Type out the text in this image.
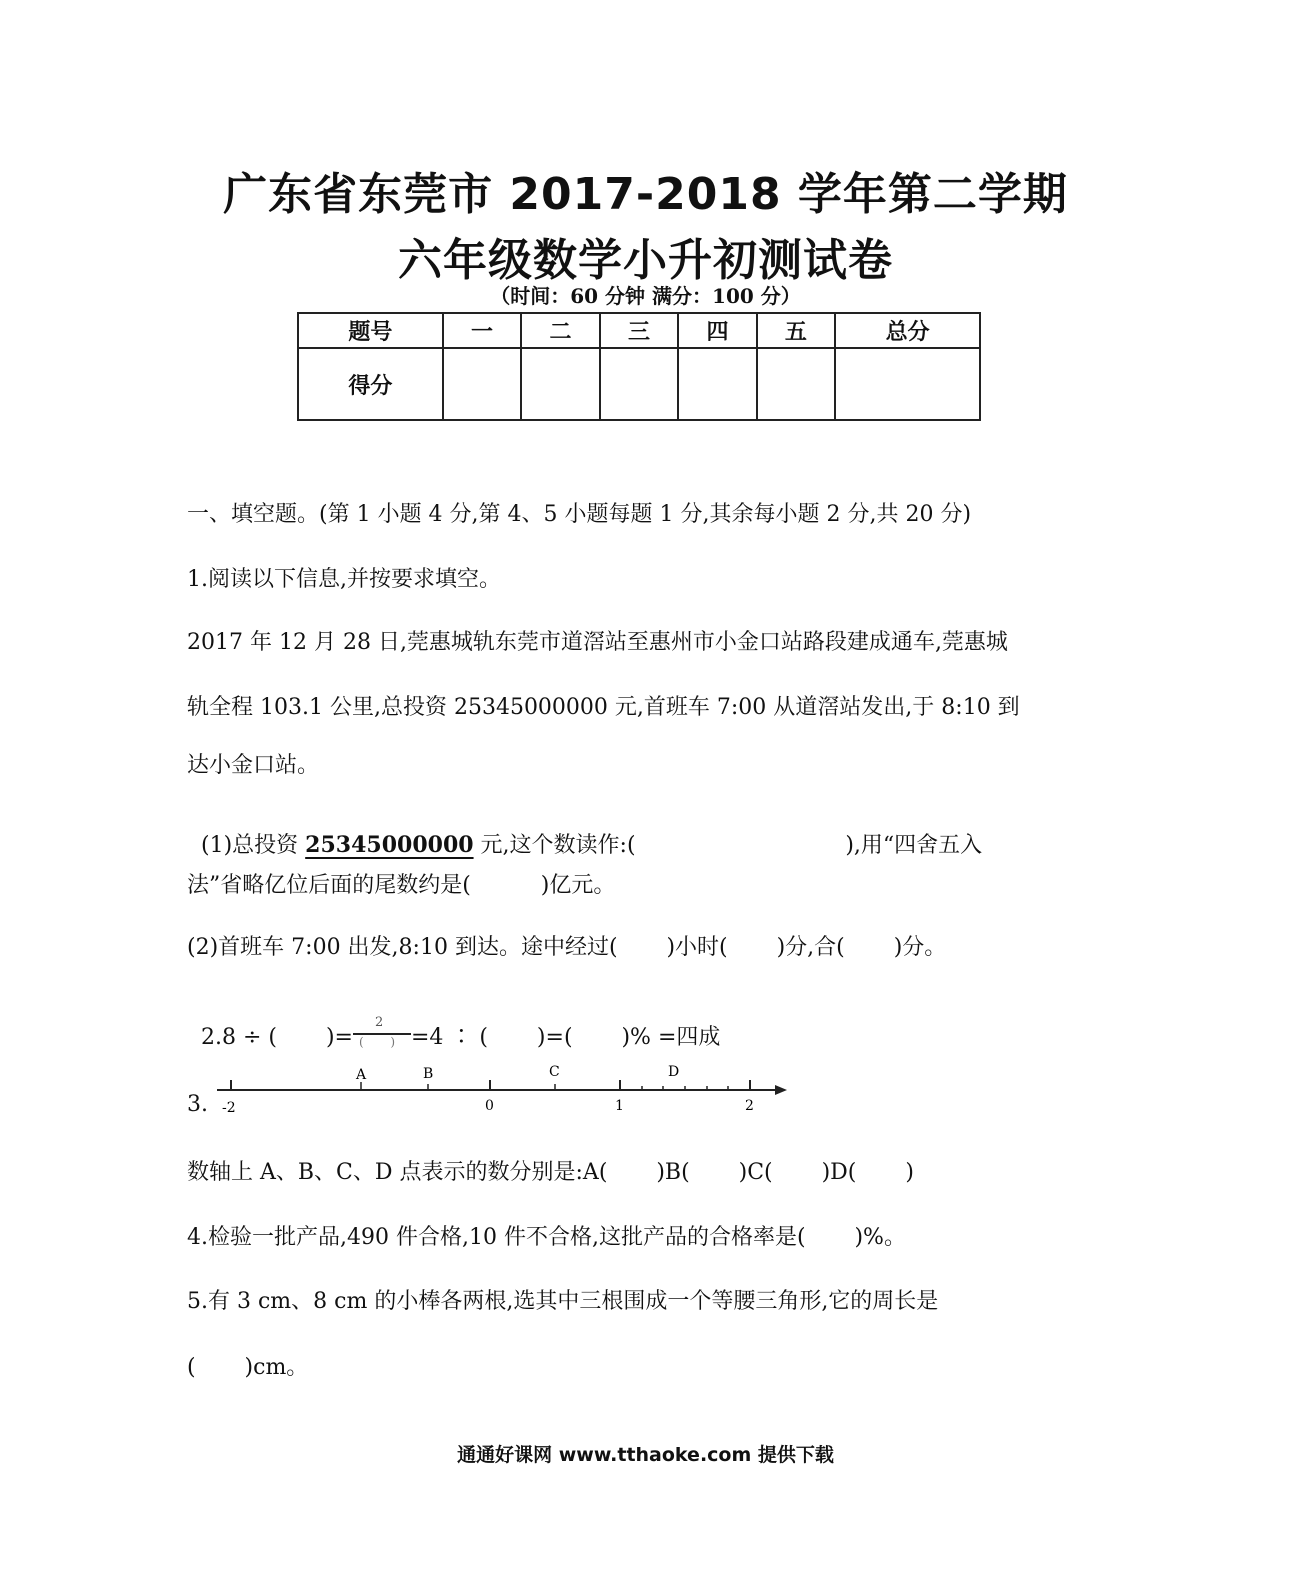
广东省东莞市 2017-2018 学年第二学期
六年级数学小升初测试卷
（时间：60 分钟 满分：100 分）
题号	一	二	三	四	五	总分
得分						
一、填空题。(第 1 小题 4 分,第 4、5 小题每题 1 分,其余每小题 2 分,共 20 分)
1.阅读以下信息,并按要求填空。
2017 年 12 月 28 日,莞惠城轨东莞市道滘站至惠州市小金口站路段建成通车,莞惠城
轨全程 103.1 公里,总投资 25345000000 元,首班车 7:00 从道滘站发出,于 8:10 到
达小金口站。

(1)总投资 25345000000 元,这个数读作:(                              ),用“四舍五入

法”省略亿位后面的尾数约是(          )亿元。
(2)首班车 7:00 出发,8:10 到达。途中经过(       )小时(       )分,合(       )分。

2.8 ÷ (       )= $\frac{2}{( )} =4$ ∶ (       )=(       )% =四成

3. -2	0	1	2
A	B	C	D
数轴上 A、B、C、D 点表示的数分别是:A(       )B(       )C(       )D(       )
4.检验一批产品,490 件合格,10 件不合格,这批产品的合格率是(       )%。
5.有 3 cm、8 cm 的小棒各两根,选其中三根围成一个等腰三角形,它的周长是
(       )cm。
通通好课网 www.tthaoke.com 提供下载
